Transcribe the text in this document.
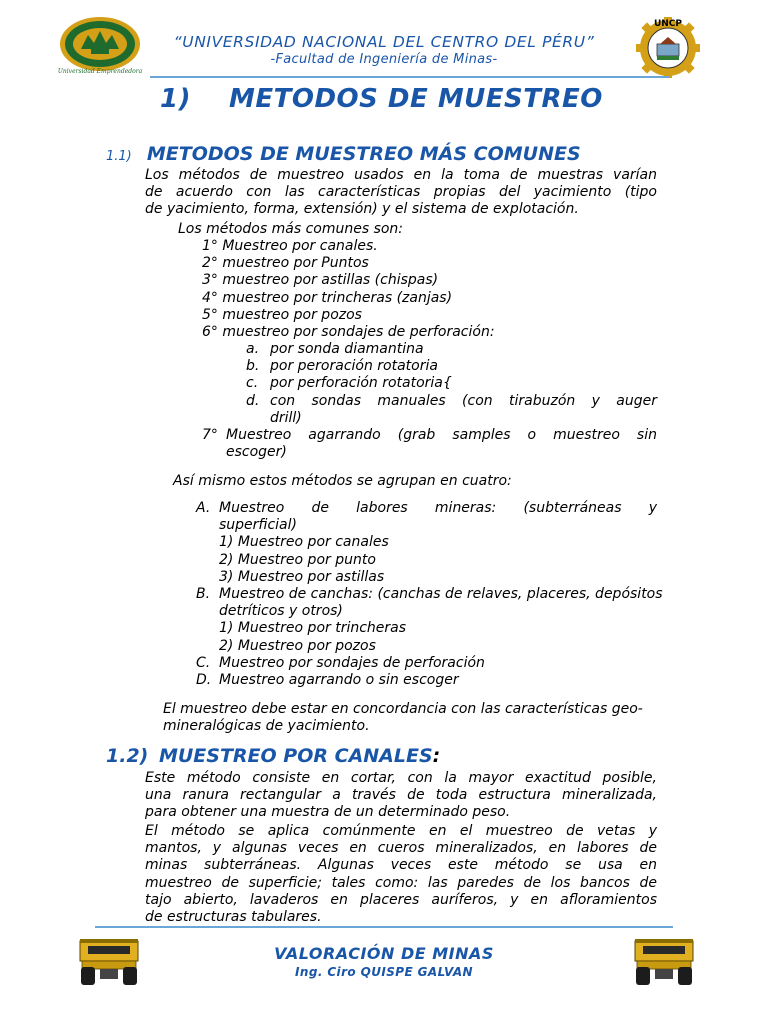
Universidad Emprendedora
UNCP
“UNIVERSIDAD NACIONAL DEL CENTRO DEL PÉRU”
-Facultad de Ingeniería de Minas-
1) METODOS DE MUESTREO
1.1) METODOS DE MUESTREO MÁS COMUNES
Los métodos de muestreo usados en la toma de muestras varían
de acuerdo con las características propias del yacimiento (tipo
de yacimiento, forma, extensión) y el sistema de explotación.
Los métodos más comunes son:
1° Muestreo por canales.
2° muestreo por Puntos
3° muestreo por astillas (chispas)
4° muestreo por trincheras (zanjas)
5° muestreo por pozos
6° muestreo por sondajes de perforación:
a. por sonda diamantina
b. por peroración rotatoria
c. por perforación rotatoria{
d. con sondas manuales (con tirabuzón y auger
drill)
7° Muestreo agarrando (grab samples o muestreo sin
escoger)
Así mismo estos métodos se agrupan en cuatro:
A. Muestreo de labores mineras: (subterráneas y
superficial)
1) Muestreo por canales
2) Muestreo por punto
3) Muestreo por astillas
B. Muestreo de canchas: (canchas de relaves, placeres, depósitos
detríticos y otros)
1) Muestreo por trincheras
2) Muestreo por pozos
C. Muestreo por sondajes de perforación
D. Muestreo agarrando o sin escoger
El muestreo debe estar en concordancia con las características geo-
mineralógicas de yacimiento.
1.2) MUESTREO POR CANALES:
Este método consiste en cortar, con la mayor exactitud posible,
una ranura rectangular a través de toda estructura mineralizada,
para obtener una muestra de un determinado peso.
El método se aplica comúnmente en el muestreo de vetas y
mantos, y algunas veces en cueros mineralizados, en labores de
minas subterráneas. Algunas veces este método se usa en
muestreo de superficie; tales como: las paredes de los bancos de
tajo abierto, lavaderos en placeres auríferos, y en afloramientos
de estructuras tabulares.
VALORACIÓN DE MINAS
Ing. Ciro QUISPE GALVAN
